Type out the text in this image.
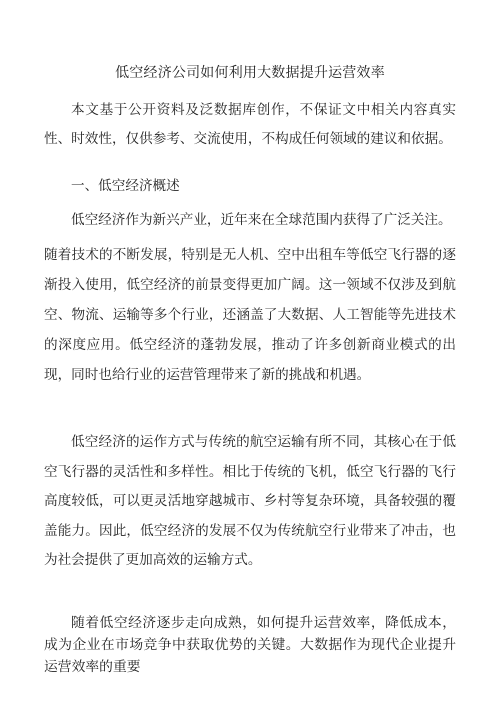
低空经济公司如何利用大数据提升运营效率

本文基于公开资料及泛数据库创作，不保证文中相关内容真实性、时效性，仅供参考、交流使用，不构成任何领域的建议和依据。

一、低空经济概述

低空经济作为新兴产业，近年来在全球范围内获得了广泛关注。

随着技术的不断发展，特别是无人机、空中出租车等低空飞行器的逐渐投入使用，低空经济的前景变得更加广阔。这一领域不仅涉及到航空、物流、运输等多个行业，还涵盖了大数据、人工智能等先进技术的深度应用。低空经济的蓬勃发展，推动了许多创新商业模式的出现，同时也给行业的运营管理带来了新的挑战和机遇。

低空经济的运作方式与传统的航空运输有所不同，其核心在于低空飞行器的灵活性和多样性。相比于传统的飞机，低空飞行器的飞行高度较低，可以更灵活地穿越城市、乡村等复杂环境，具备较强的覆盖能力。因此，低空经济的发展不仅为传统航空行业带来了冲击，也为社会提供了更加高效的运输方式。

随着低空经济逐步走向成熟，如何提升运营效率，降低成本，成为企业在市场竞争中获取优势的关键。大数据作为现代企业提升运营效率的重要
